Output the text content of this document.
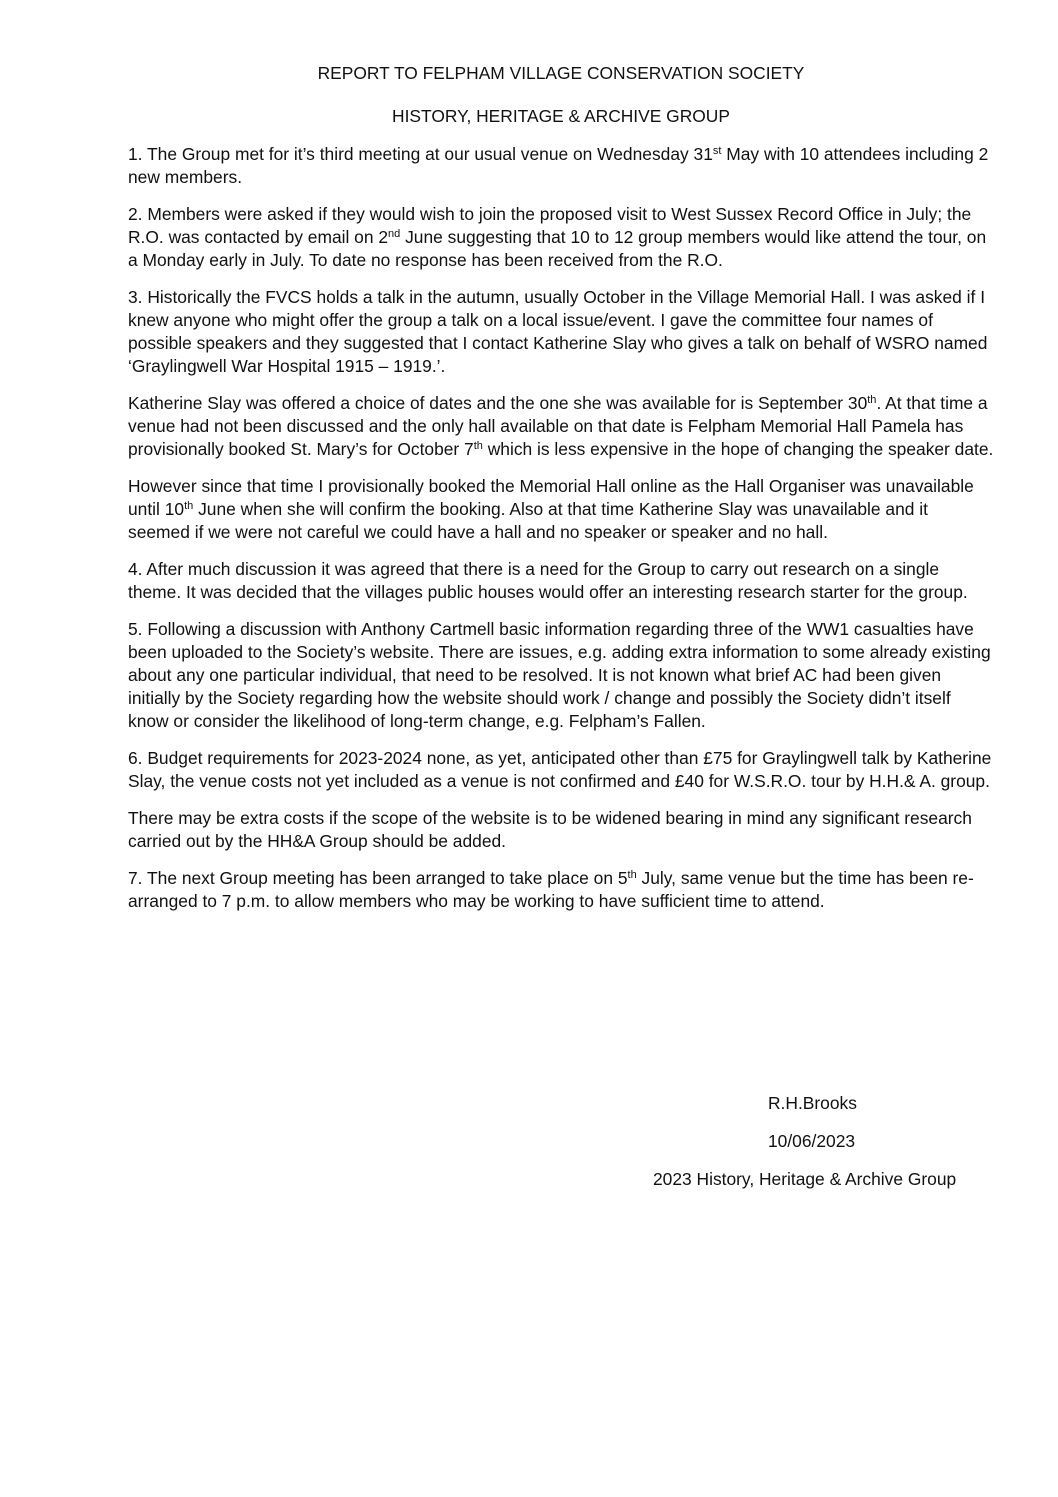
REPORT TO FELPHAM VILLAGE CONSERVATION SOCIETY
HISTORY, HERITAGE & ARCHIVE GROUP

1. The Group met for it’s third meeting at our usual venue on Wednesday 31st May with 10 attendees including 2 new members.

2. Members were asked if they would wish to join the proposed visit to West Sussex Record Office in July; the R.O. was contacted by email on 2nd June suggesting that 10 to 12 group members would like attend the tour, on a Monday early in July. To date no response has been received from the R.O.

3. Historically the FVCS holds a talk in the autumn, usually October in the Village Memorial Hall. I was asked if I knew anyone who might offer the group a talk on a local issue/event. I gave the committee four names of possible speakers and they suggested that I contact Katherine Slay who gives a talk on behalf of WSRO named ‘Graylingwell War Hospital 1915 – 1919.’.

Katherine Slay was offered a choice of dates and the one she was available for is September 30th. At that time a venue had not been discussed and the only hall available on that date is Felpham Memorial Hall Pamela has provisionally booked St. Mary’s for October 7th which is less expensive in the hope of changing the speaker date.

However since that time I provisionally booked the Memorial Hall online as the Hall Organiser was unavailable until 10th June when she will confirm the booking. Also at that time Katherine Slay was unavailable and it seemed if we were not careful we could have a hall and no speaker or speaker and no hall.

4. After much discussion it was agreed that there is a need for the Group to carry out research on a single theme. It was decided that the villages public houses would offer an interesting research starter for the group.

5. Following a discussion with Anthony Cartmell basic information regarding three of the WW1 casualties have been uploaded to the Society’s website. There are issues, e.g. adding extra information to some already existing about any one particular individual, that need to be resolved. It is not known what brief AC had been given initially by the Society regarding how the website should work / change and possibly the Society didn’t itself know or consider the likelihood of long-term change, e.g. Felpham’s Fallen.

6. Budget requirements for 2023-2024 none, as yet, anticipated other than £75 for Graylingwell talk by Katherine Slay, the venue costs not yet included as a venue is not confirmed and £40 for W.S.R.O. tour by H.H.& A. group.

There may be extra costs if the scope of the website is to be widened bearing in mind any significant research carried out by the HH&A Group should be added.

7. The next Group meeting has been arranged to take place on 5th July, same venue but the time has been re-arranged to 7 p.m. to allow members who may be working to have sufficient time to attend.

R.H.Brooks

10/06/2023

2023 History, Heritage & Archive Group
